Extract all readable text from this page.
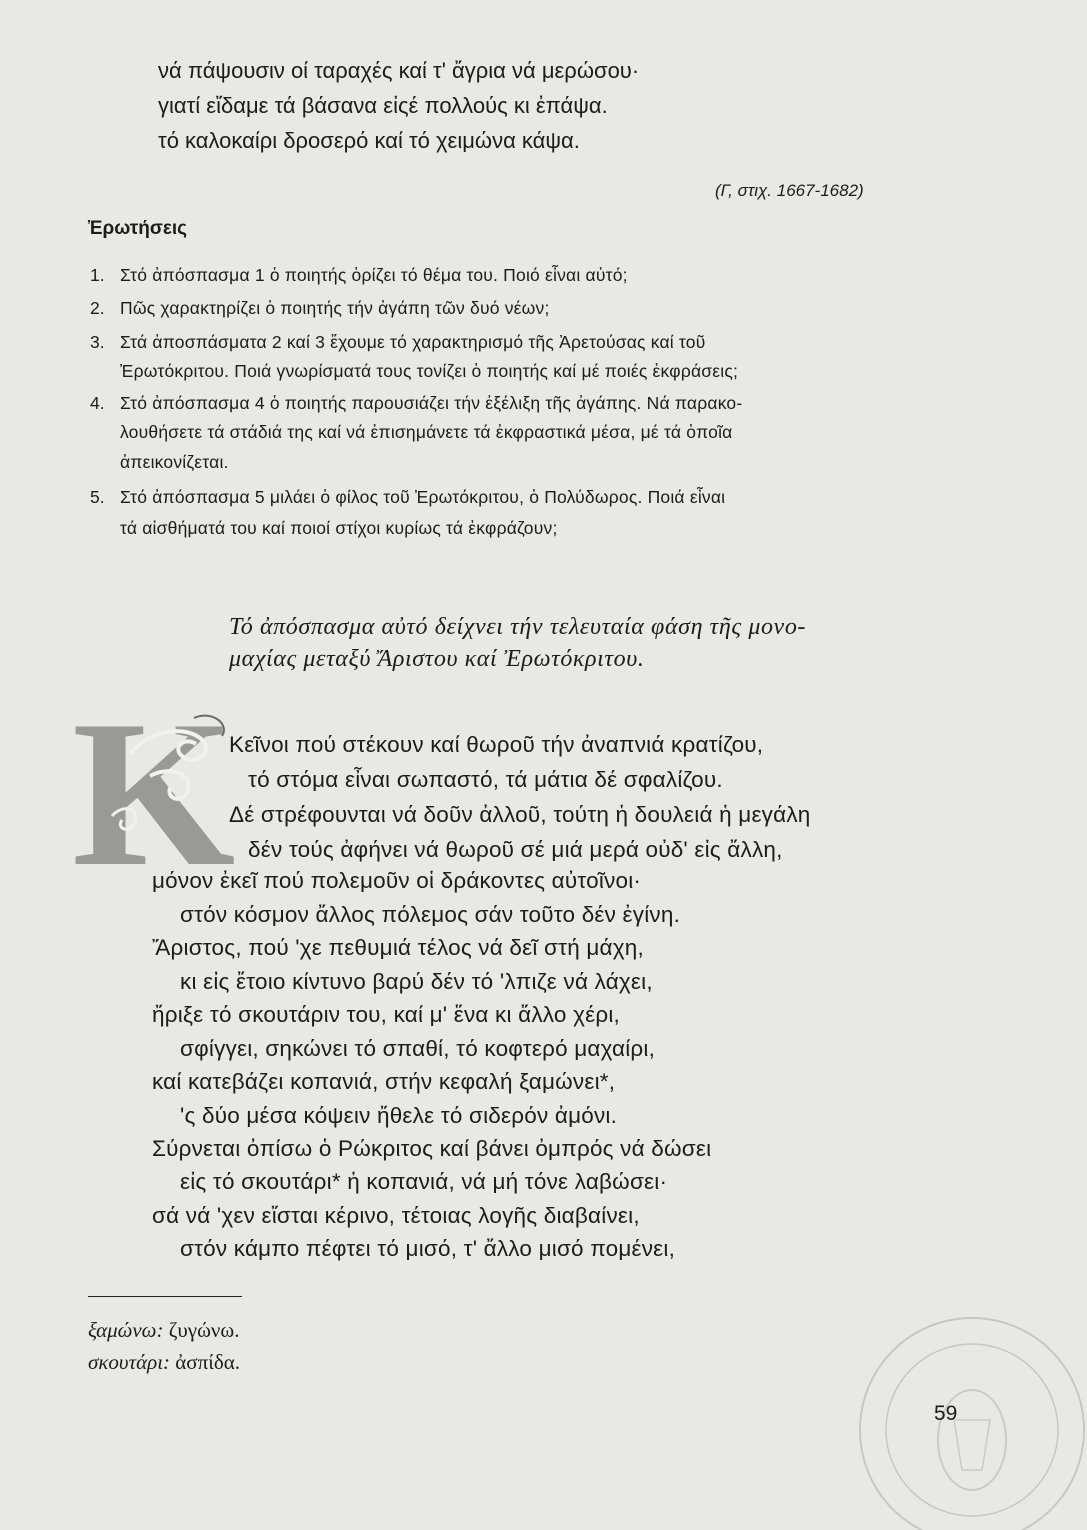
νά πάψουσιν οί ταραχές καί τ' ἄγρια νά μερώσου·
γιατί εἴδαμε τά βάσανα εἰςέ πολλούς κι ἐπάψα.
τό καλοκαίρι δροσερό καί τό χειμώνα κάψα.
(Γ, στιχ. 1667-1682)
Ἐρωτήσεις
1. Στό ἀπόσπασμα 1 ὁ ποιητής ὁρίζει τό θέμα του. Ποιό εἶναι αὐτό;
2. Πῶς χαρακτηρίζει ὁ ποιητής τήν ἀγάπη τῶν δυό νέων;
3. Στά ἀποσπάσματα 2 καί 3 ἔχουμε τό χαρακτηρισμό τῆς Ἀρετούσας καί τοῦ
Ἐρωτόκριτου. Ποιά γνωρίσματά τους τονίζει ὁ ποιητής καί μέ ποιές ἐκφράσεις;
4. Στό ἀπόσπασμα 4 ὁ ποιητής παρουσιάζει τήν ἐξέλιξη τῆς ἀγάπης. Νά παρακο-
λουθήσετε τά στάδιά της καί νά ἐπισημάνετε τά ἐκφραστικά μέσα, μέ τά ὁποῖα
ἀπεικονίζεται.
5. Στό ἀπόσπασμα 5 μιλάει ὁ φίλος τοῦ Ἐρωτόκριτου, ὁ Πολύδωρος. Ποιά εἶναι
τά αἰσθήματά του καί ποιοί στίχοι κυρίως τά ἐκφράζουν;
Τό ἀπόσπασμα αὐτό δείχνει τήν τελευταία φάση τῆς μονο-
μαχίας μεταξύ Ἄριστου καί Ἐρωτόκριτου.
Κ
Κεῖνοι πού στέκουν καί θωροῦ τήν ἀναπνιά κρατίζου,
τό στόμα εἶναι σωπαστό, τά μάτια δέ σφαλίζου.
Δέ στρέφουνται νά δοῦν ἀλλοῦ, τούτη ἡ δουλειά ἡ μεγάλη
δέν τούς ἀφήνει νά θωροῦ σέ μιά μερά οὐδ' εἰς ἄλλη,
μόνον ἐκεῖ πού πολεμοῦν οἱ δράκοντες αὐτοῖνοι·
στόν κόσμον ἄλλος πόλεμος σάν τοῦτο δέν ἐγίνη.
Ἄριστος, πού 'χε πεθυμιά τέλος νά δεῖ στή μάχη,
κι εἰς ἔτοιο κίντυνο βαρύ δέν τό 'λπιζε νά λάχει,
ἤριξε τό σκουτάριν του, καί μ' ἕνα κι ἄλλο χέρι,
σφίγγει, σηκώνει τό σπαθί, τό κοφτερό μαχαίρι,
καί κατεβάζει κοπανιά, στήν κεφαλή ξαμώνει*,
'ς δύο μέσα κόψειν ἤθελε τό σιδερόν ἀμόνι.
Σύρνεται ὀπίσω ὁ Ρώκριτος καί βάνει ὀμπρός νά δώσει
εἰς τό σκουτάρι* ἡ κοπανιά, νά μή τόνε λαβώσει·
σά νά 'χεν εἴσται κέρινο, τέτοιας λογῆς διαβαίνει,
στόν κάμπο πέφτει τό μισό, τ' ἄλλο μισό πομένει,
ξαμώνω: ζυγώνω.
σκουτάρι: ἀσπίδα.
59
